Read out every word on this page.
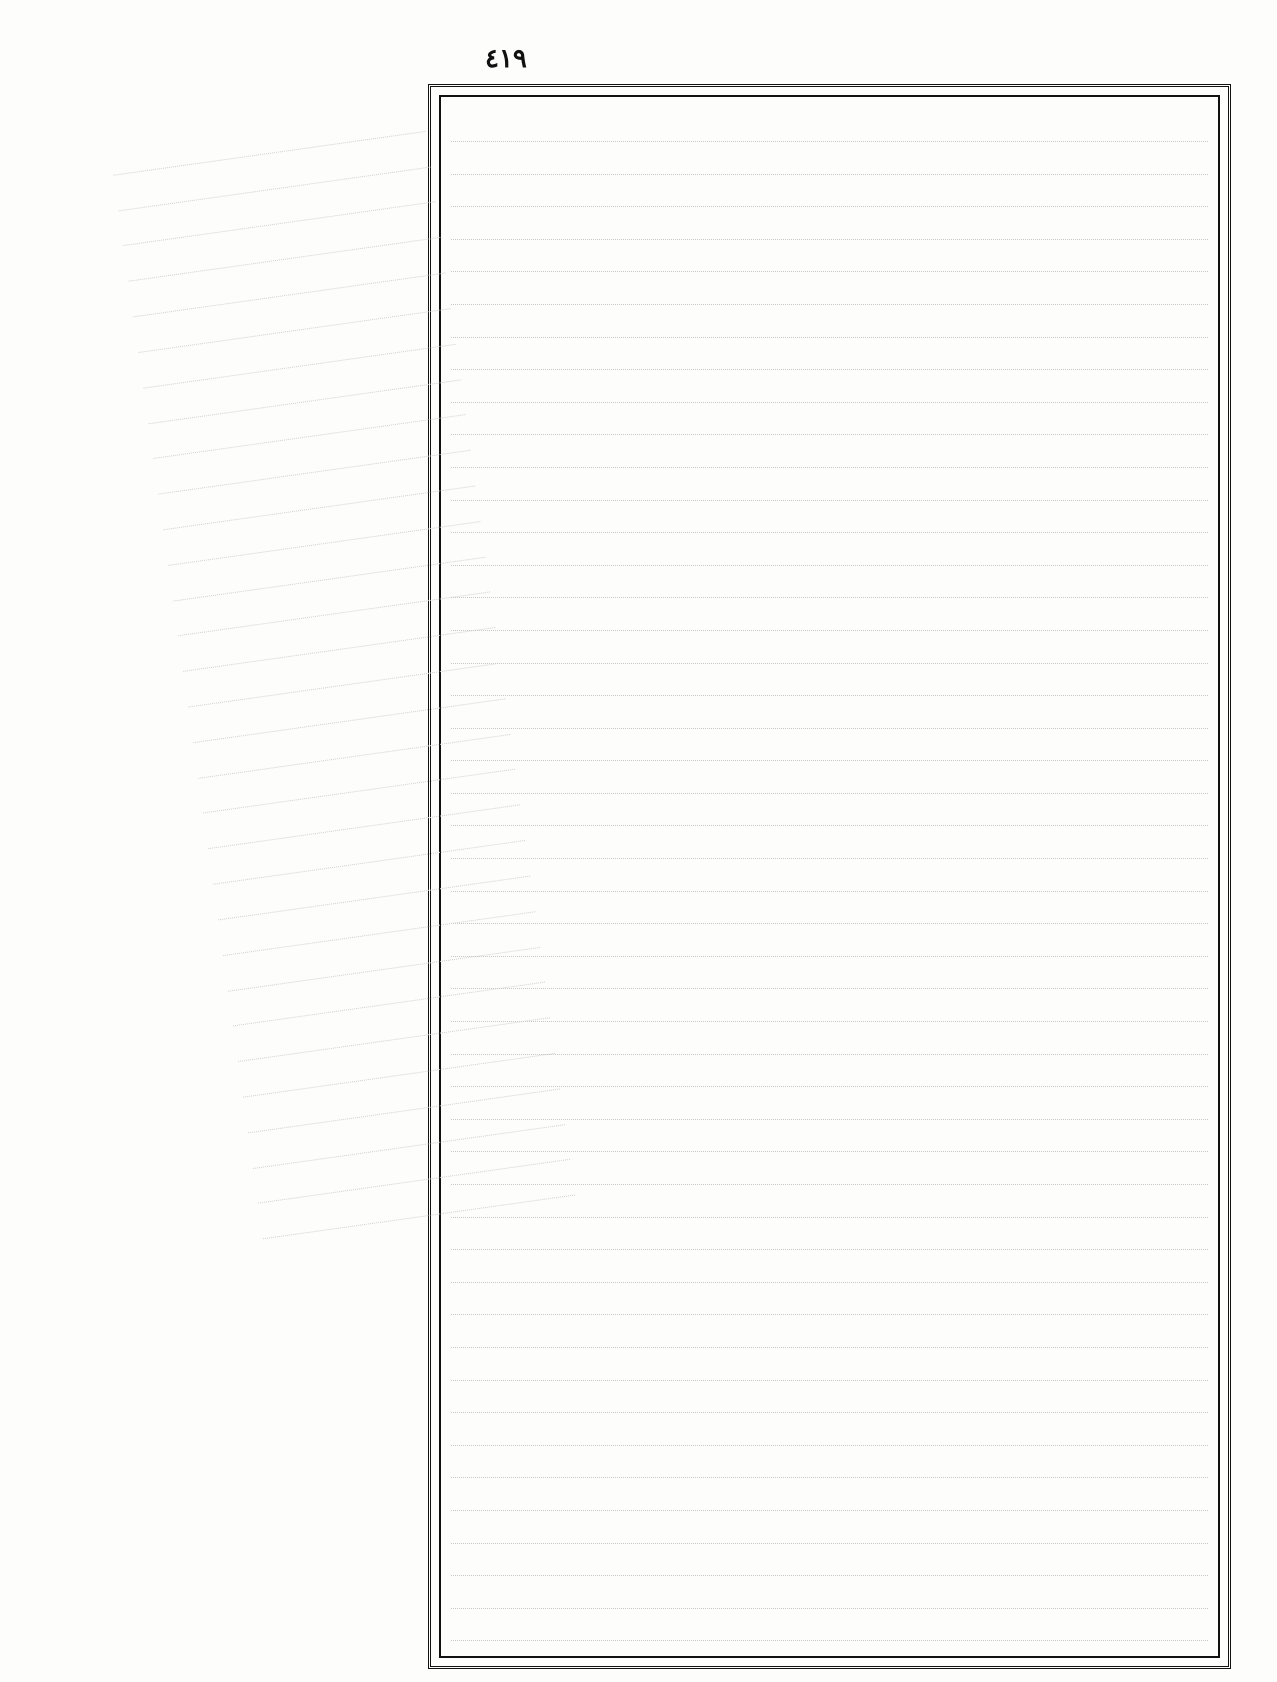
٤١٩
